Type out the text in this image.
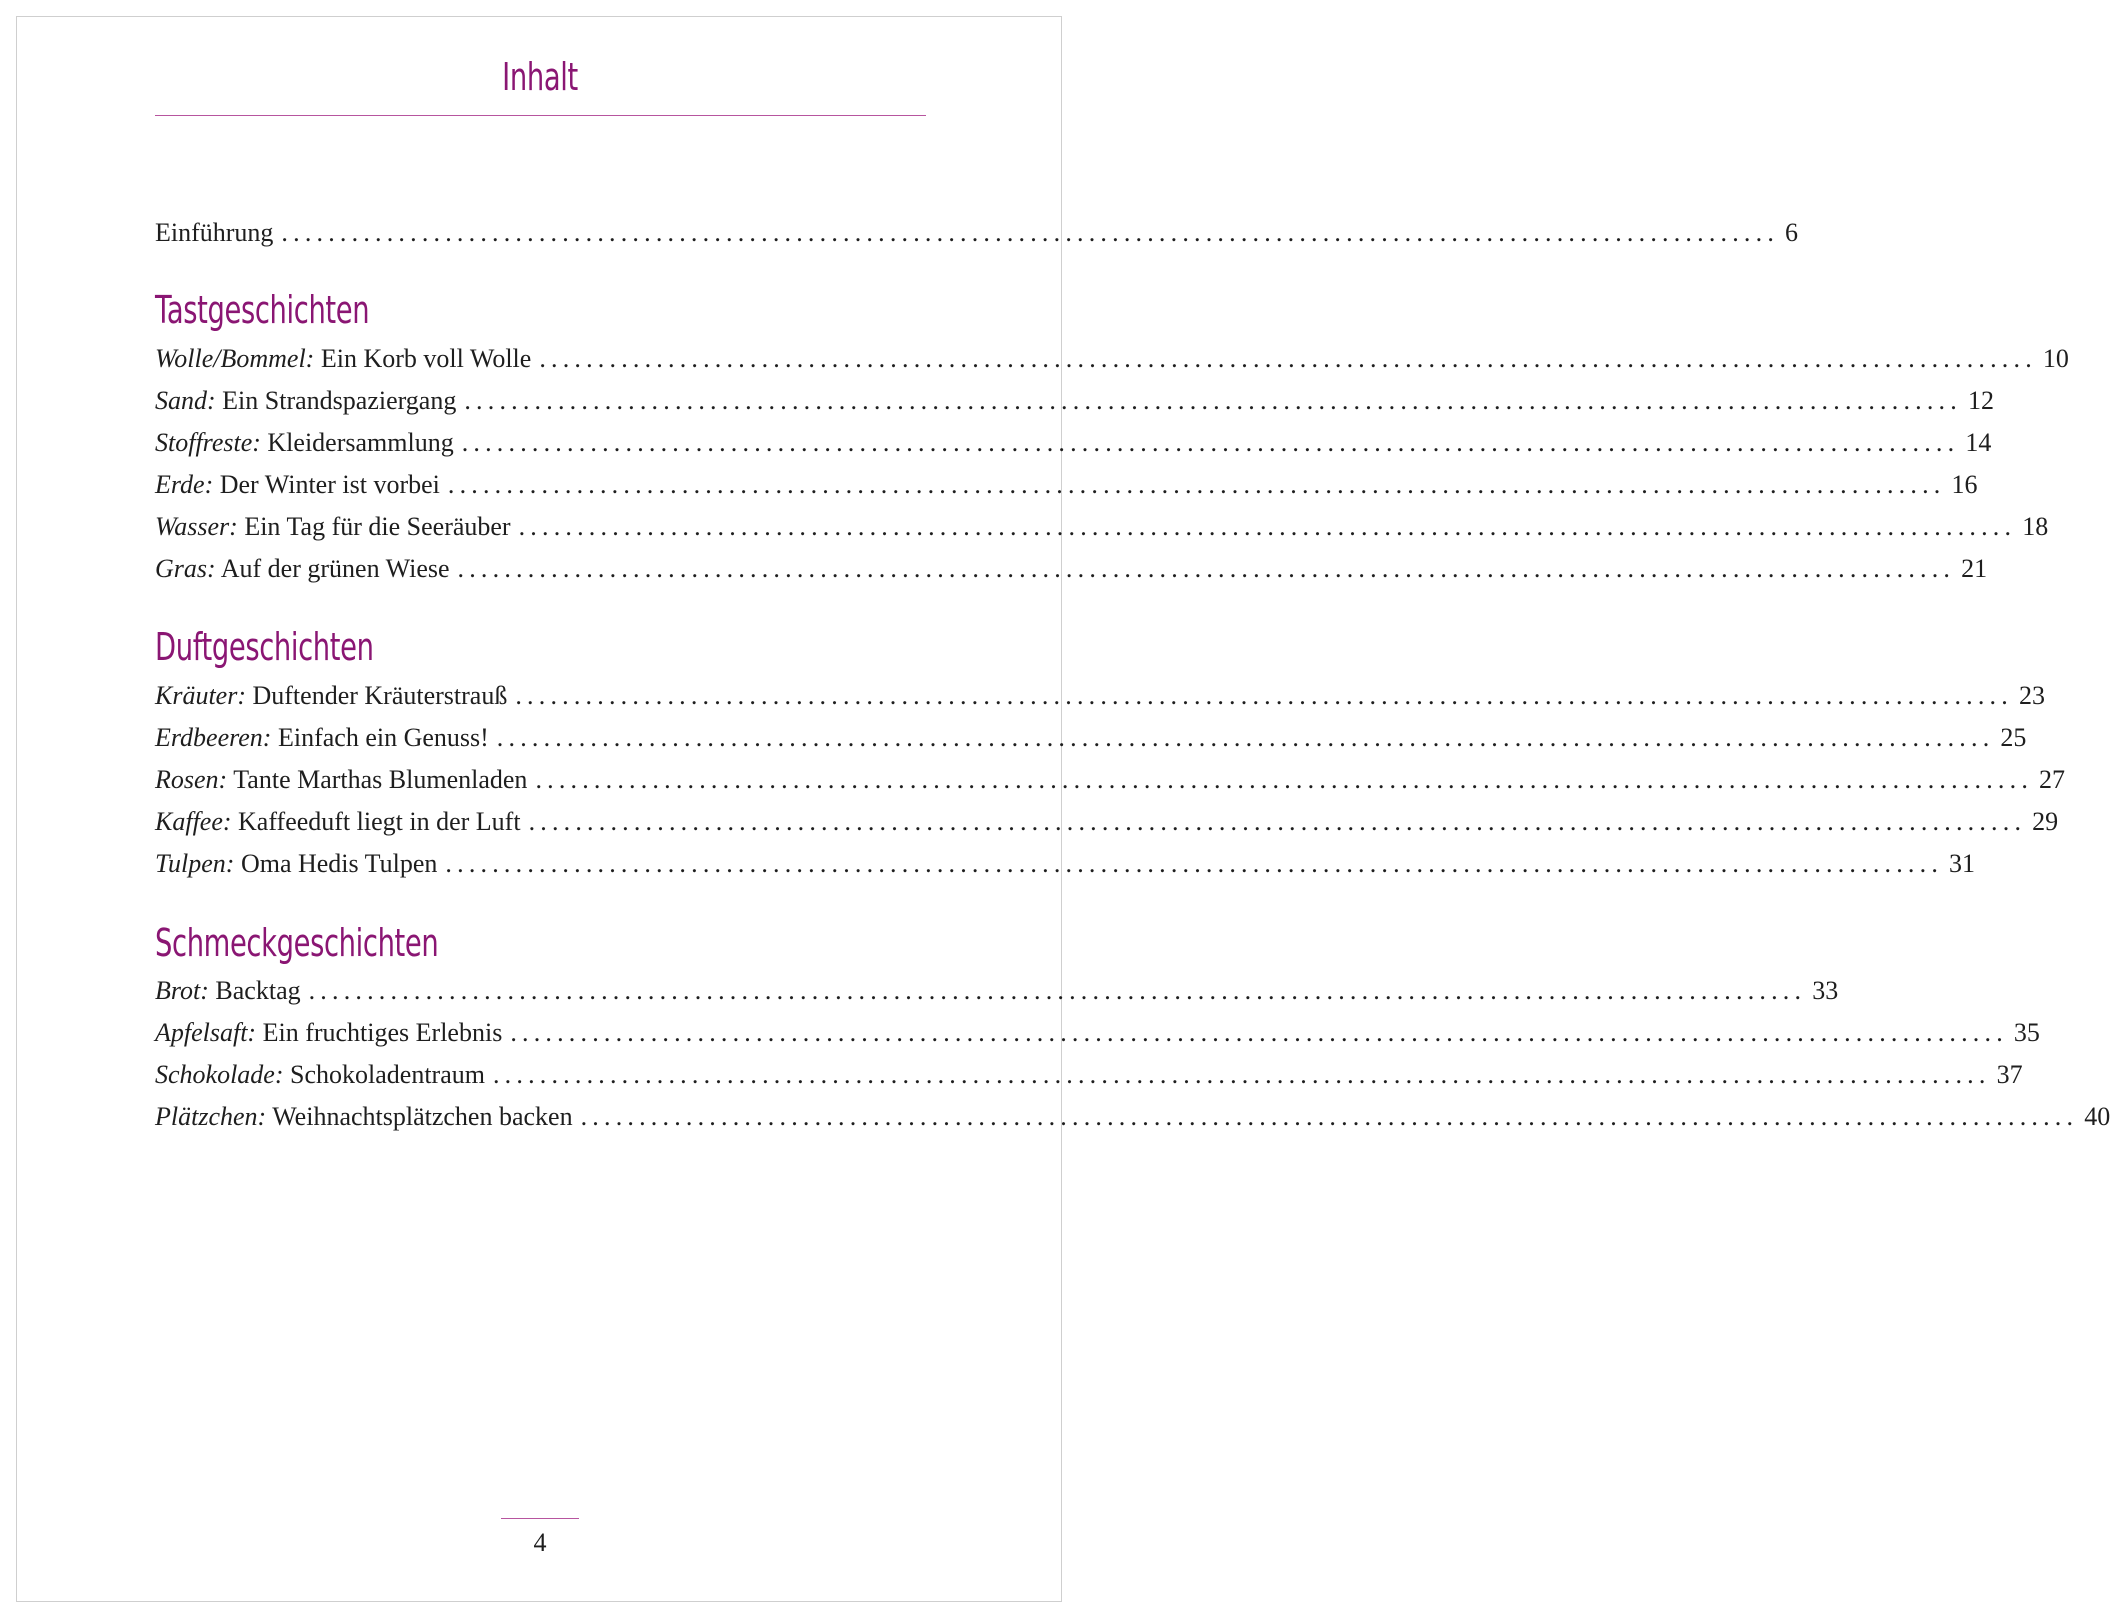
Inhalt
Einführung ................................................................................................................................ 6
Tastgeschichten
Wolle/Bommel: Ein Korb voll Wolle ................................................................................................................................ 10
Sand: Ein Strandspaziergang ................................................................................................................................ 12
Stoffreste: Kleidersammlung ................................................................................................................................ 14
Erde: Der Winter ist vorbei ................................................................................................................................ 16
Wasser: Ein Tag für die Seeräuber ................................................................................................................................ 18
Gras: Auf der grünen Wiese ................................................................................................................................ 21
Duftgeschichten
Kräuter: Duftender Kräuterstrauß ................................................................................................................................ 23
Erdbeeren: Einfach ein Genuss! ................................................................................................................................ 25
Rosen: Tante Marthas Blumenladen ................................................................................................................................ 27
Kaffee: Kaffeeduft liegt in der Luft ................................................................................................................................ 29
Tulpen: Oma Hedis Tulpen ................................................................................................................................ 31
Schmeckgeschichten
Brot: Backtag ................................................................................................................................ 33
Apfelsaft: Ein fruchtiges Erlebnis ................................................................................................................................ 35
Schokolade: Schokoladentraum ................................................................................................................................ 37
Plätzchen: Weihnachtsplätzchen backen ................................................................................................................................ 40
4
